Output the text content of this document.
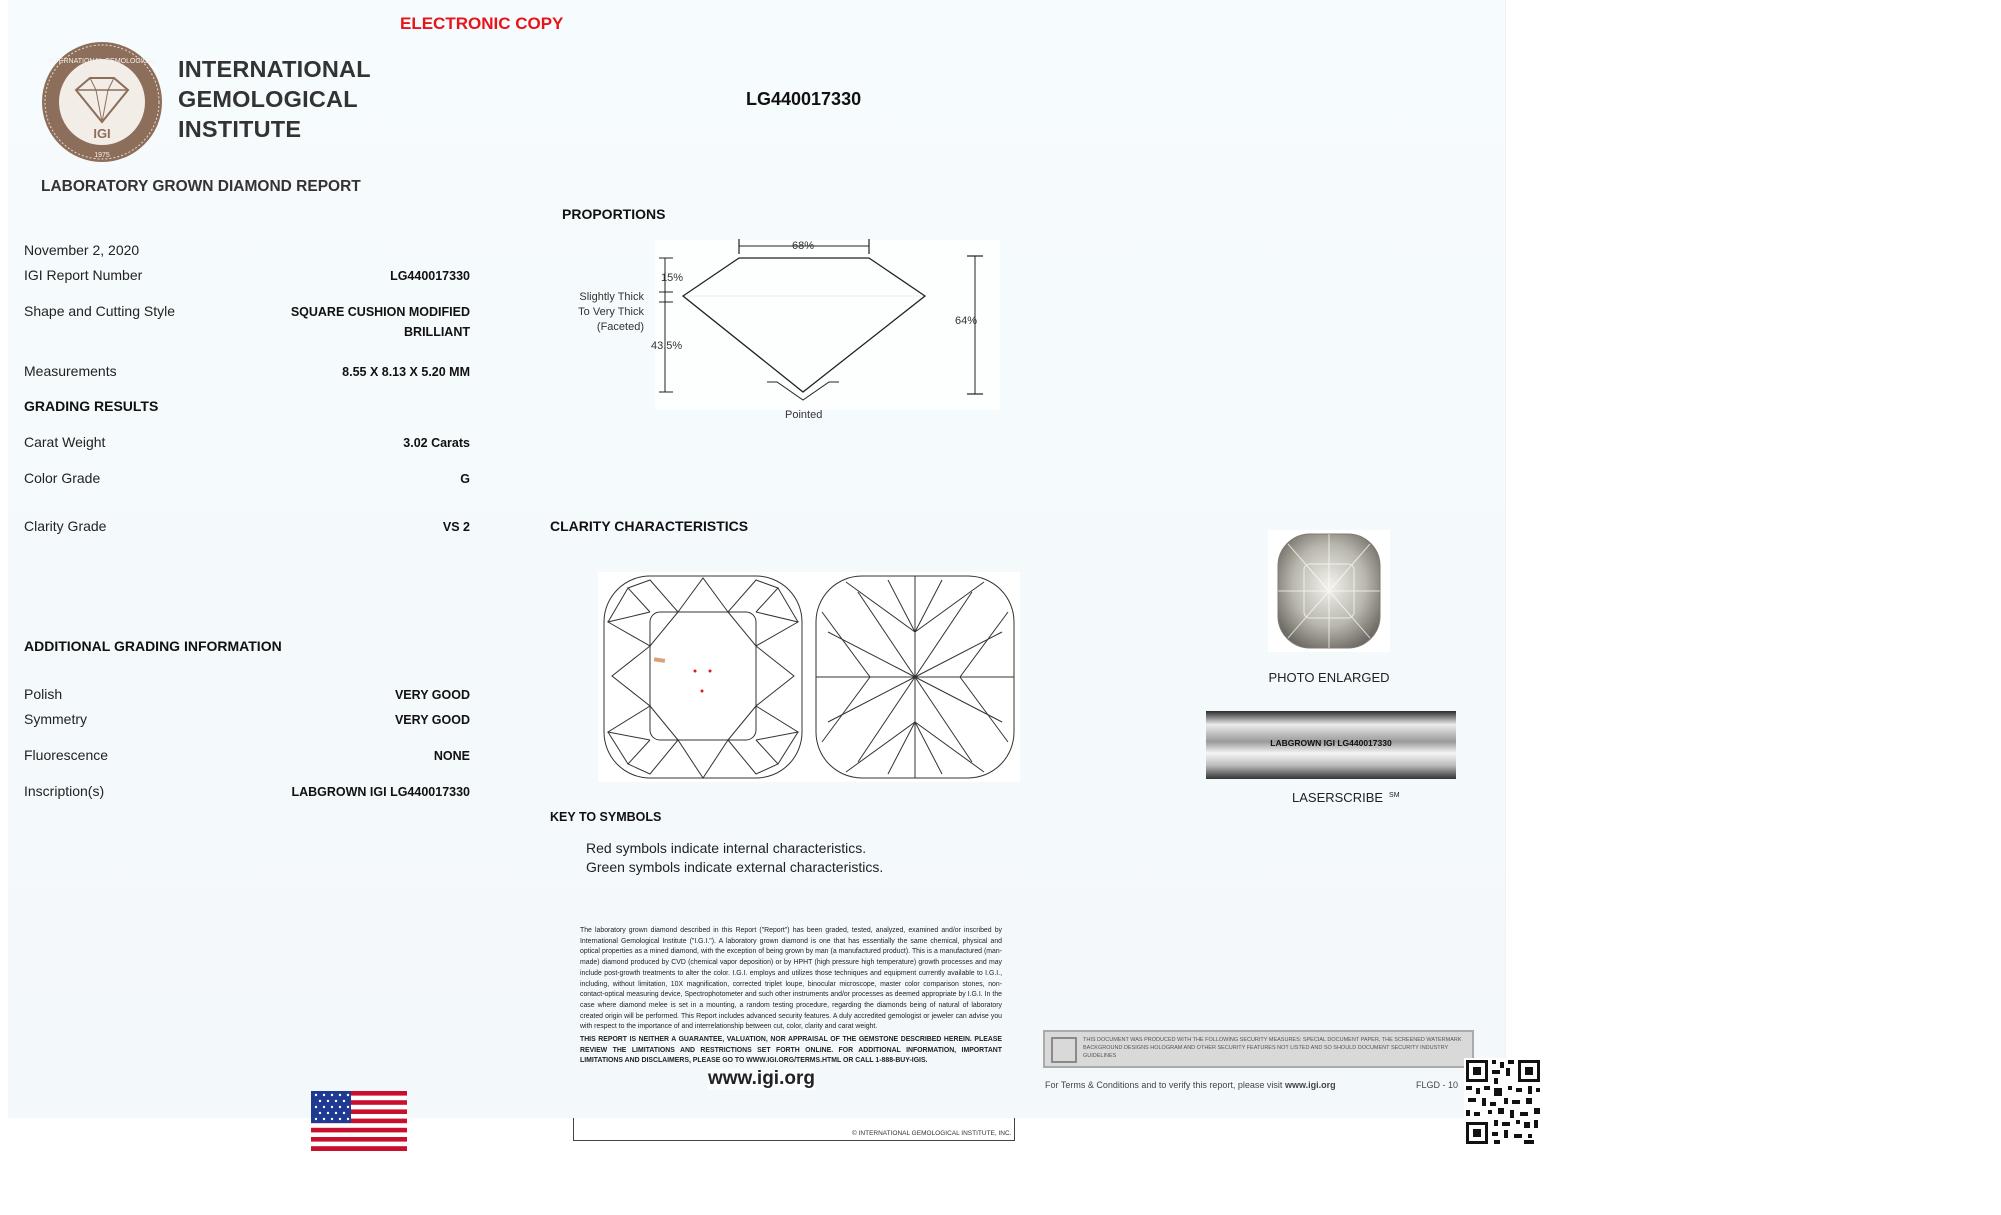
ELECTRONIC COPY
INTERNATIONAL GEMOLOGICAL
IGI
1975
INTERNATIONAL
GEMOLOGICAL
INSTITUTE
LABORATORY GROWN DIAMOND REPORT
LG440017330
November 2, 2020
IGI Report Number	LG440017330
Shape and Cutting Style	SQUARE CUSHION MODIFIED
BRILLIANT
Measurements	8.55 X 8.13 X 5.20 MM
GRADING RESULTS
Carat Weight	3.02 Carats
Color Grade	G
Clarity Grade	VS 2
ADDITIONAL GRADING INFORMATION
Polish	VERY GOOD
Symmetry	VERY GOOD
Fluorescence	NONE
Inscription(s)	LABGROWN IGI LG440017330
PROPORTIONS
68%
15%
Slightly Thick
To Very Thick
(Faceted)
43.5%
64%
Pointed
CLARITY CHARACTERISTICS
KEY TO SYMBOLS
Red symbols indicate internal characteristics.
Green symbols indicate external characteristics.
PHOTO ENLARGED
LABGROWN IGI LG440017330
LASERSCRIBE ℠
The laboratory grown diamond described in this Report ("Report") has been graded, tested, analyzed, examined and/or inscribed by International Gemological Institute ("I.G.I."). A laboratory grown diamond is one that has essentially the same chemical, physical and optical properties as a mined diamond, with the exception of being grown by man (a manufactured product). This is a manufactured (man-made) diamond produced by CVD (chemical vapor deposition) or by HPHT (high pressure high temperature) growth processes and may include post-growth treatments to alter the color. I.G.I. employs and utilizes those techniques and equipment currently available to I.G.I., including, without limitation, 10X magnification, corrected triplet loupe, binocular microscope, master color comparison stones, non-contact-optical measuring device, Spectrophotometer and such other instruments and/or processes as deemed appropriate by I.G.I. In the case where diamond melee is set in a mounting, a random testing procedure, regarding the diamonds being of natural of laboratory created origin will be performed. This Report includes advanced security features. A duly accredited gemologist or jeweler can advise you with respect to the importance of and interrelationship between cut, color, clarity and carat weight.
THIS REPORT IS NEITHER A GUARANTEE, VALUATION, NOR APPRAISAL OF THE GEMSTONE DESCRIBED HEREIN. PLEASE REVIEW THE LIMITATIONS AND RESTRICTIONS SET FORTH ONLINE. FOR ADDITIONAL INFORMATION, IMPORTANT LIMITATIONS AND DISCLAIMERS, PLEASE GO TO WWW.IGI.ORG/TERMS.HTML OR CALL 1-888-BUY-IGIS.
www.igi.org
© INTERNATIONAL GEMOLOGICAL INSTITUTE, INC.
THIS DOCUMENT WAS PRODUCED WITH THE FOLLOWING SECURITY MEASURES: SPECIAL DOCUMENT PAPER, THE SCREENED WATERMARK BACKGROUND DESIGNS HOLOGRAM AND OTHER SECURITY FEATURES NOT LISTED AND SO SHOULD DOCUMENT SECURITY INDUSTRY GUIDELINES
For Terms & Conditions and to verify this report, please visit www.igi.org	FLGD - 10
